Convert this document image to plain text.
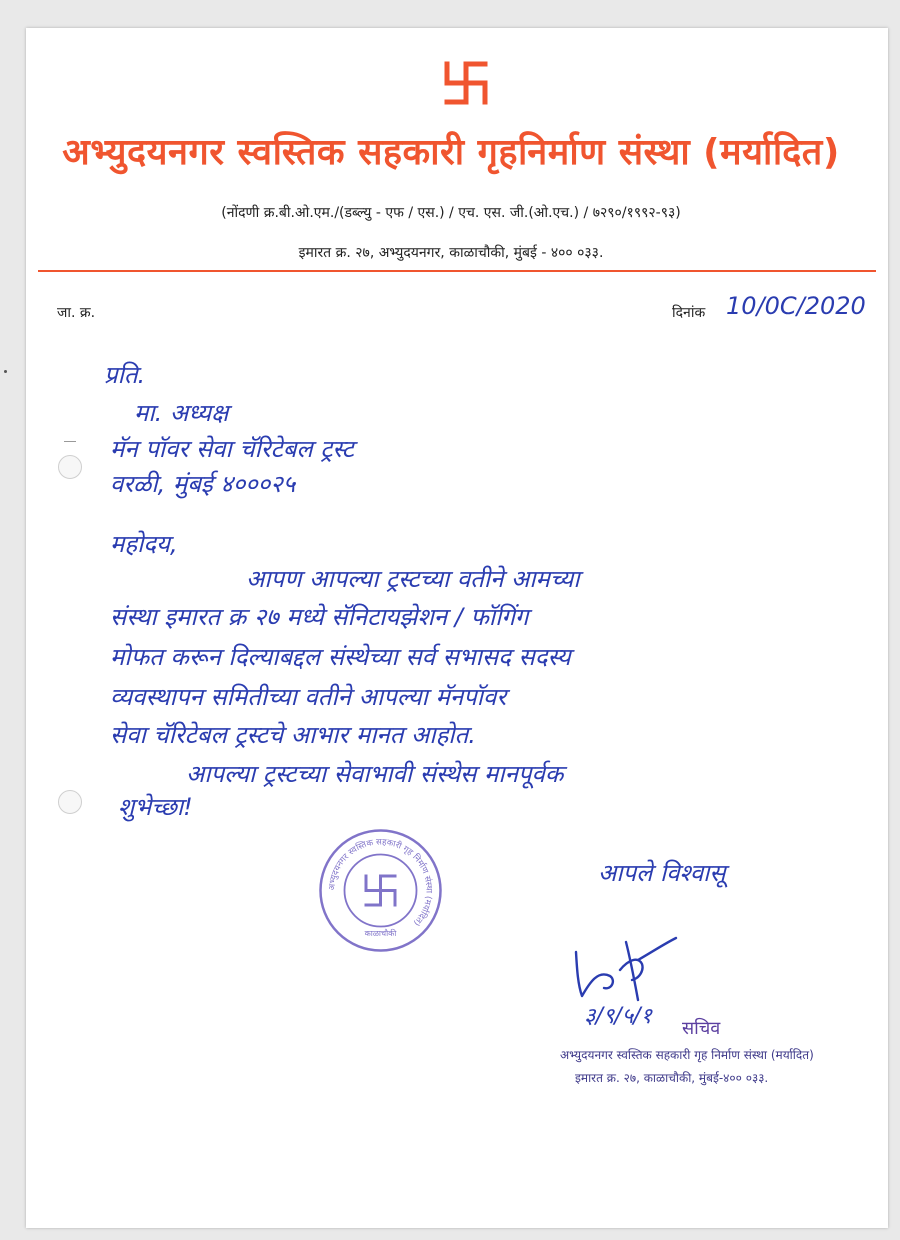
अभ्युदयनगर स्वस्तिक सहकारी गृहनिर्माण संस्था (मर्यादित)
(नोंदणी क्र.बी.ओ.एम./(डब्ल्यु - एफ / एस.) / एच. एस. जी.(ओ.एच.) / ७२९०/१९९२-९३)
इमारत क्र. २७, अभ्युदयनगर, काळाचौकी, मुंबई - ४०० ०३३.
जा. क्र.	दिनांक 10/0C/2020
प्रति.
मा. अध्यक्ष
मॅन पॉवर सेवा चॅरिटेबल ट्रस्ट
वरळी, मुंबई ४०००२५
महोदय,
आपण आपल्या ट्रस्टच्या वतीने आमच्या
संस्था इमारत क्र २७ मध्ये सॅनिटायझेशन / फॉगिंग
मोफत करून दिल्याबद्दल संस्थेच्या सर्व सभासद सदस्य
व्यवस्थापन समितीच्या वतीने आपल्या मॅनपॉवर
सेवा चॅरिटेबल ट्रस्टचे आभार मानत आहोत.
आपल्या ट्रस्टच्या सेवाभावी संस्थेस मानपूर्वक
शुभेच्छा!
आपले विश्वासू
अभ्युदयनगर स्वस्तिक सहकारी गृह निर्माण संस्था (मर्यादित)
काळाचौकी
३/९/५/१ सचिव
अभ्युदयनगर स्वस्तिक सहकारी गृह निर्माण संस्था (मर्यादित)
इमारत क्र. २७, काळाचौकी, मुंबई-४०० ०३३.
